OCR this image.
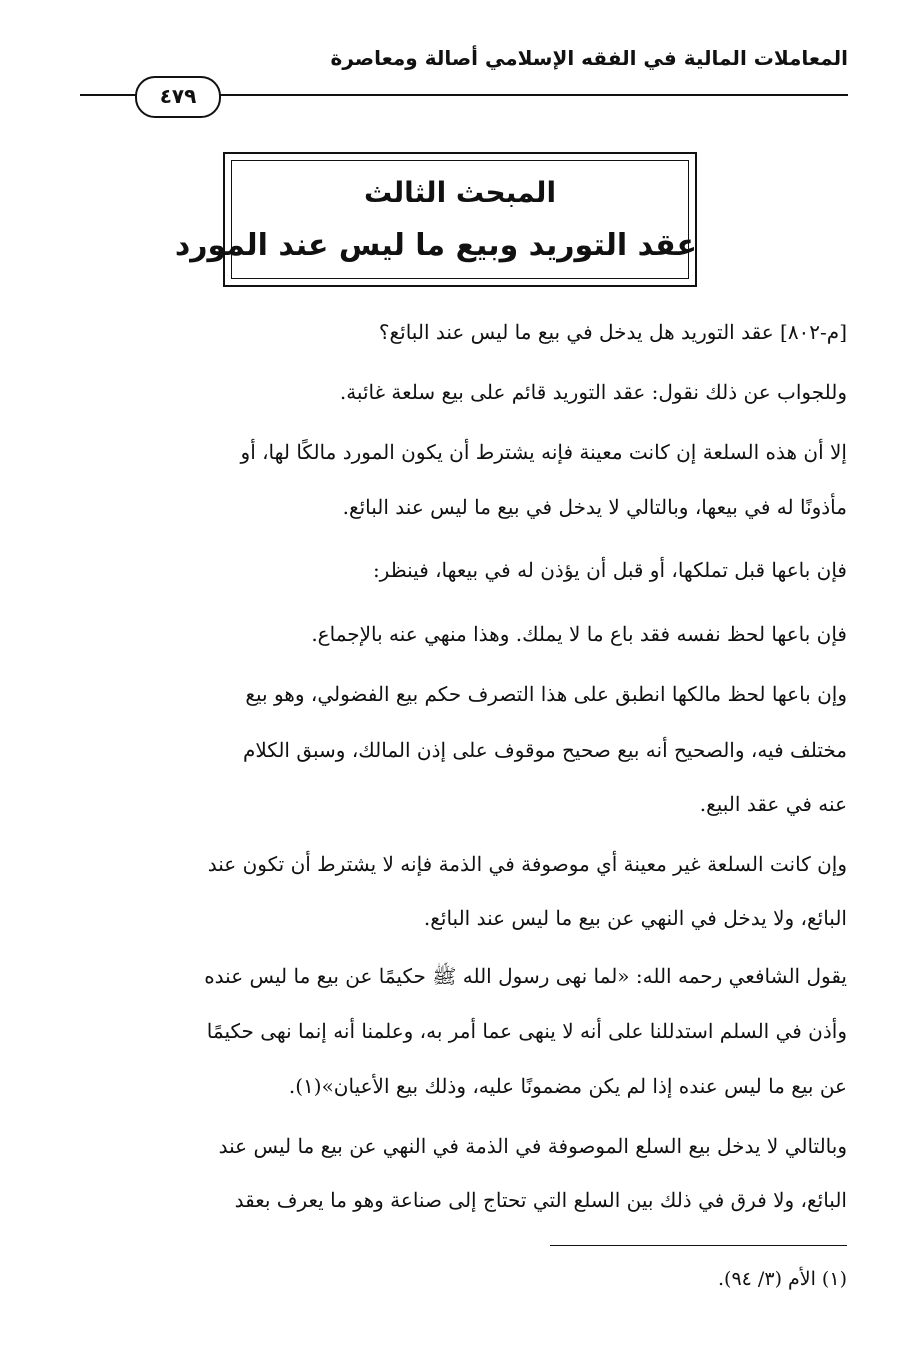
المعاملات المالية في الفقه الإسلامي أصالة ومعاصرة
٤٧٩
المبحث الثالث
عقد التوريد وبيع ما ليس عند المورد
[م-٨٠٢] عقد التوريد هل يدخل في بيع ما ليس عند البائع؟
وللجواب عن ذلك نقول: عقد التوريد قائم على بيع سلعة غائبة.
إلا أن هذه السلعة إن كانت معينة فإنه يشترط أن يكون المورد مالكًا لها، أو
مأذونًا له في بيعها، وبالتالي لا يدخل في بيع ما ليس عند البائع.
فإن باعها قبل تملكها، أو قبل أن يؤذن له في بيعها، فينظر:
فإن باعها لحظ نفسه فقد باع ما لا يملك. وهذا منهي عنه بالإجماع.
وإن باعها لحظ مالكها انطبق على هذا التصرف حكم بيع الفضولي، وهو بيع
مختلف فيه، والصحيح أنه بيع صحيح موقوف على إذن المالك، وسبق الكلام
عنه في عقد البيع.
وإن كانت السلعة غير معينة أي موصوفة في الذمة فإنه لا يشترط أن تكون عند
البائع، ولا يدخل في النهي عن بيع ما ليس عند البائع.
يقول الشافعي رحمه الله: «لما نهى رسول الله ﷺ حكيمًا عن بيع ما ليس عنده
وأذن في السلم استدللنا على أنه لا ينهى عما أمر به، وعلمنا أنه إنما نهى حكيمًا
عن بيع ما ليس عنده إذا لم يكن مضمونًا عليه، وذلك بيع الأعيان»(١).
وبالتالي لا يدخل بيع السلع الموصوفة في الذمة في النهي عن بيع ما ليس عند
البائع، ولا فرق في ذلك بين السلع التي تحتاج إلى صناعة وهو ما يعرف بعقد
(١) الأم (٣/ ٩٤).
